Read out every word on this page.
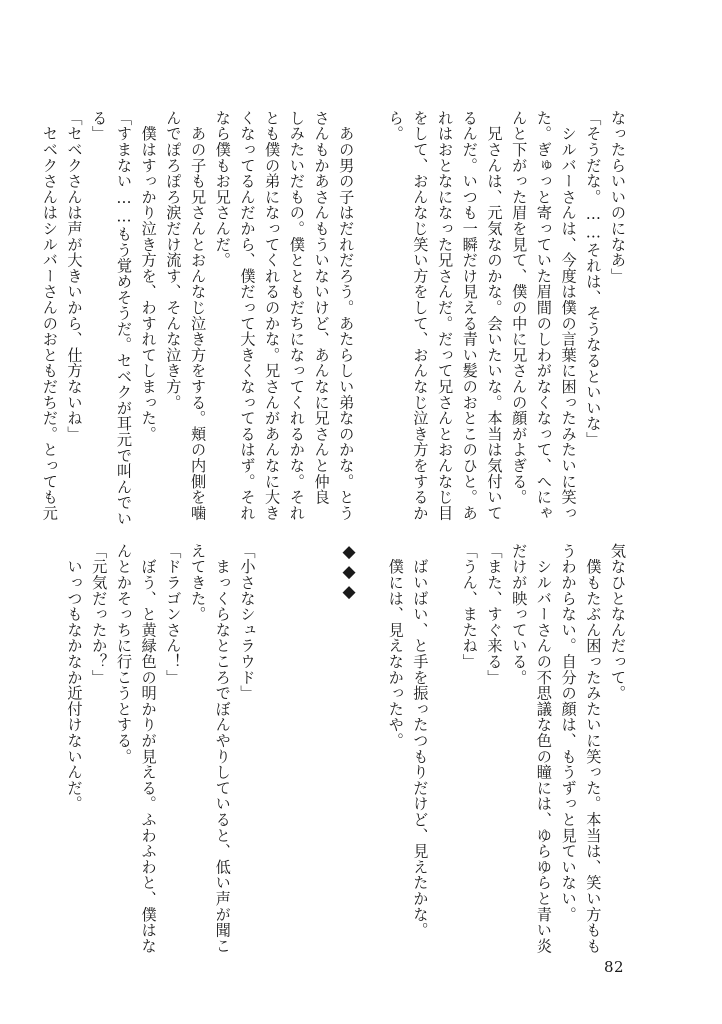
なったらいいのになあ」
「そうだな。……それは、そうなるといいな」
　シルバーさんは、今度は僕の言葉に困ったみたいに笑っ
た。ぎゅっと寄っていた眉間のしわがなくなって、へにゃ
んと下がった眉を見て、僕の中に兄さんの顔がよぎる。
　兄さんは、元気なのかな。会いたいな。本当は気付いて
るんだ。いつも一瞬だけ見える青い髪のおとこのひと。あ
れはおとなになった兄さんだ。だって兄さんとおんなじ目
をして、おんなじ笑い方をして、おんなじ泣き方をするか
ら。

　あの男の子はだれだろう。あたらしい弟なのかな。とう
さんもかあさんもういないけど、あんなに兄さんと仲良
しみたいだもの。僕とともだちになってくれるかな。それ
とも僕の弟になってくれるのかな。兄さんがあんなに大き
くなってるんだから、僕だって大きくなってるはず。それ
なら僕もお兄さんだ。
　あの子も兄さんとおんなじ泣き方をする。頬の内側を噛
んでぽろぽろ涙だけ流す、そんな泣き方。
　僕はすっかり泣き方を、わすれてしまった。
「すまない……もう覚めそうだ。セベクが耳元で叫んでい
る」
「セベクさんは声が大きいから、仕方ないね」
　セベクさんはシルバーさんのおともだちだ。とっても元
◆◆◆	気なひとなんだって。
　僕もたぶん困ったみたいに笑った。本当は、笑い方もも
うわからない。自分の顔は、もうずっと見ていない。
　シルバーさんの不思議な色の瞳には、ゆらゆらと青い炎
だけが映っている。
「また、すぐ来る」
「うん、またね」

　ばいばい、と手を振ったつもりだけど、見えたかな。
　僕には、見えなかったや。

「小さなシュラウド」
　まっくらなところでぼんやりしていると、低い声が聞こ
えてきた。
「ドラゴンさん！」
　ぼう、と黄緑色の明かりが見える。ふわふわと、僕はな
んとかそっちに行こうとする。
「元気だったか？」
　いっつもなかなか近付けないんだ。
82
